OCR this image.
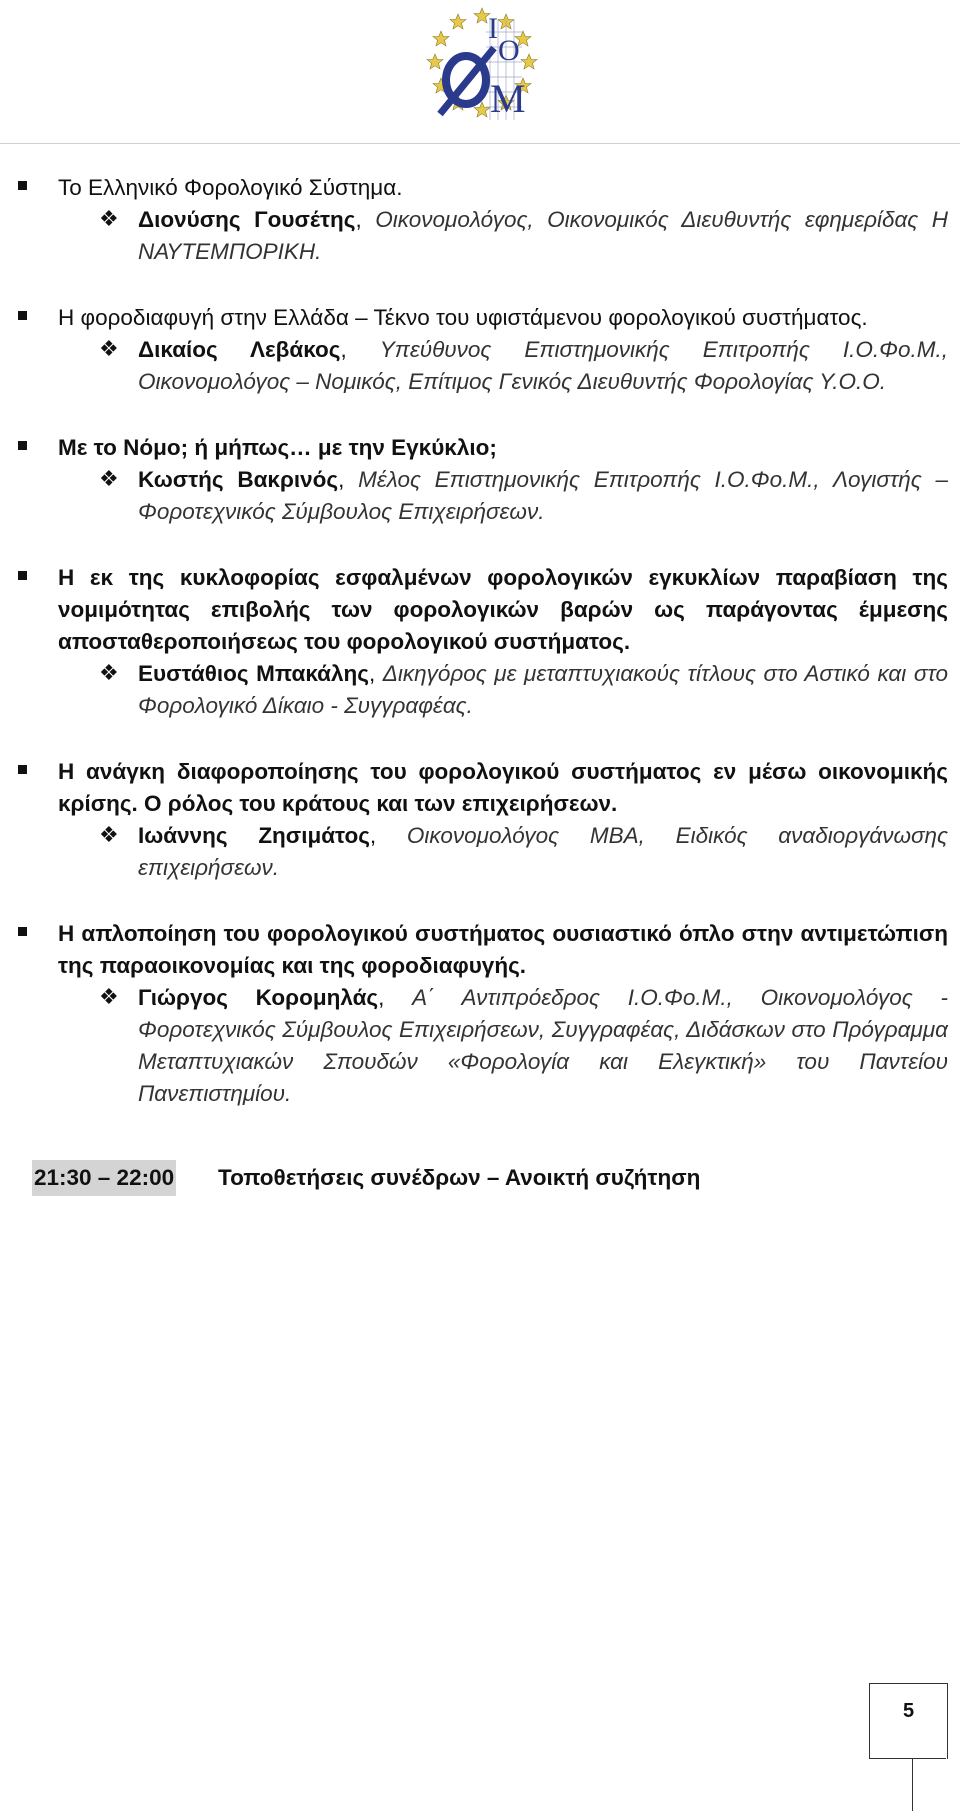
I
O
M
Το Ελληνικό Φορολογικό Σύστημα.
❖ Διονύσης Γουσέτης, Οικονομολόγος, Οικονομικός Διευθυντής εφημερίδας Η ΝΑΥΤΕΜΠΟΡΙΚΗ.
Η φοροδιαφυγή στην Ελλάδα – Τέκνο του υφιστάμενου φορολογικού συστήματος.
❖ Δικαίος Λεβάκος, Υπεύθυνος Επιστημονικής Επιτροπής Ι.Ο.Φο.Μ., Οικονομολόγος – Νομικός, Επίτιμος Γενικός Διευθυντής Φορολογίας Υ.Ο.Ο.
Με το Νόμο; ή μήπως… με την Εγκύκλιο;
❖ Κωστής Βακρινός, Μέλος Επιστημονικής Επιτροπής Ι.Ο.Φο.Μ., Λογιστής – Φοροτεχνικός Σύμβουλος Επιχειρήσεων.
Η εκ της κυκλοφορίας εσφαλμένων φορολογικών εγκυκλίων παραβίαση της νομιμότητας επιβολής των φορολογικών βαρών ως παράγοντας έμμεσης αποσταθεροποιήσεως του φορολογικού συστήματος.
❖ Ευστάθιος Μπακάλης, Δικηγόρος με μεταπτυχιακούς τίτλους στο Αστικό και στο Φορολογικό Δίκαιο - Συγγραφέας.
Η ανάγκη διαφοροποίησης του φορολογικού συστήματος εν μέσω οικονομικής κρίσης. Ο ρόλος του κράτους και των επιχειρήσεων.
❖ Ιωάννης Ζησιμάτος, Οικονομολόγος ΜΒΑ, Ειδικός αναδιοργάνωσης επιχειρήσεων.
Η απλοποίηση του φορολογικού συστήματος ουσιαστικό όπλο στην αντιμετώπιση της παραοικονομίας και της φοροδιαφυγής.
❖ Γιώργος Κορομηλάς, Α΄ Αντιπρόεδρος Ι.Ο.Φο.Μ., Οικονομολόγος - Φοροτεχνικός Σύμβουλος Επιχειρήσεων, Συγγραφέας, Διδάσκων στο Πρόγραμμα Μεταπτυχιακών Σπουδών «Φορολογία και Ελεγκτική» του Παντείου Πανεπιστημίου.
21:30 – 22:00 Τοποθετήσεις συνέδρων – Ανοικτή συζήτηση
5
